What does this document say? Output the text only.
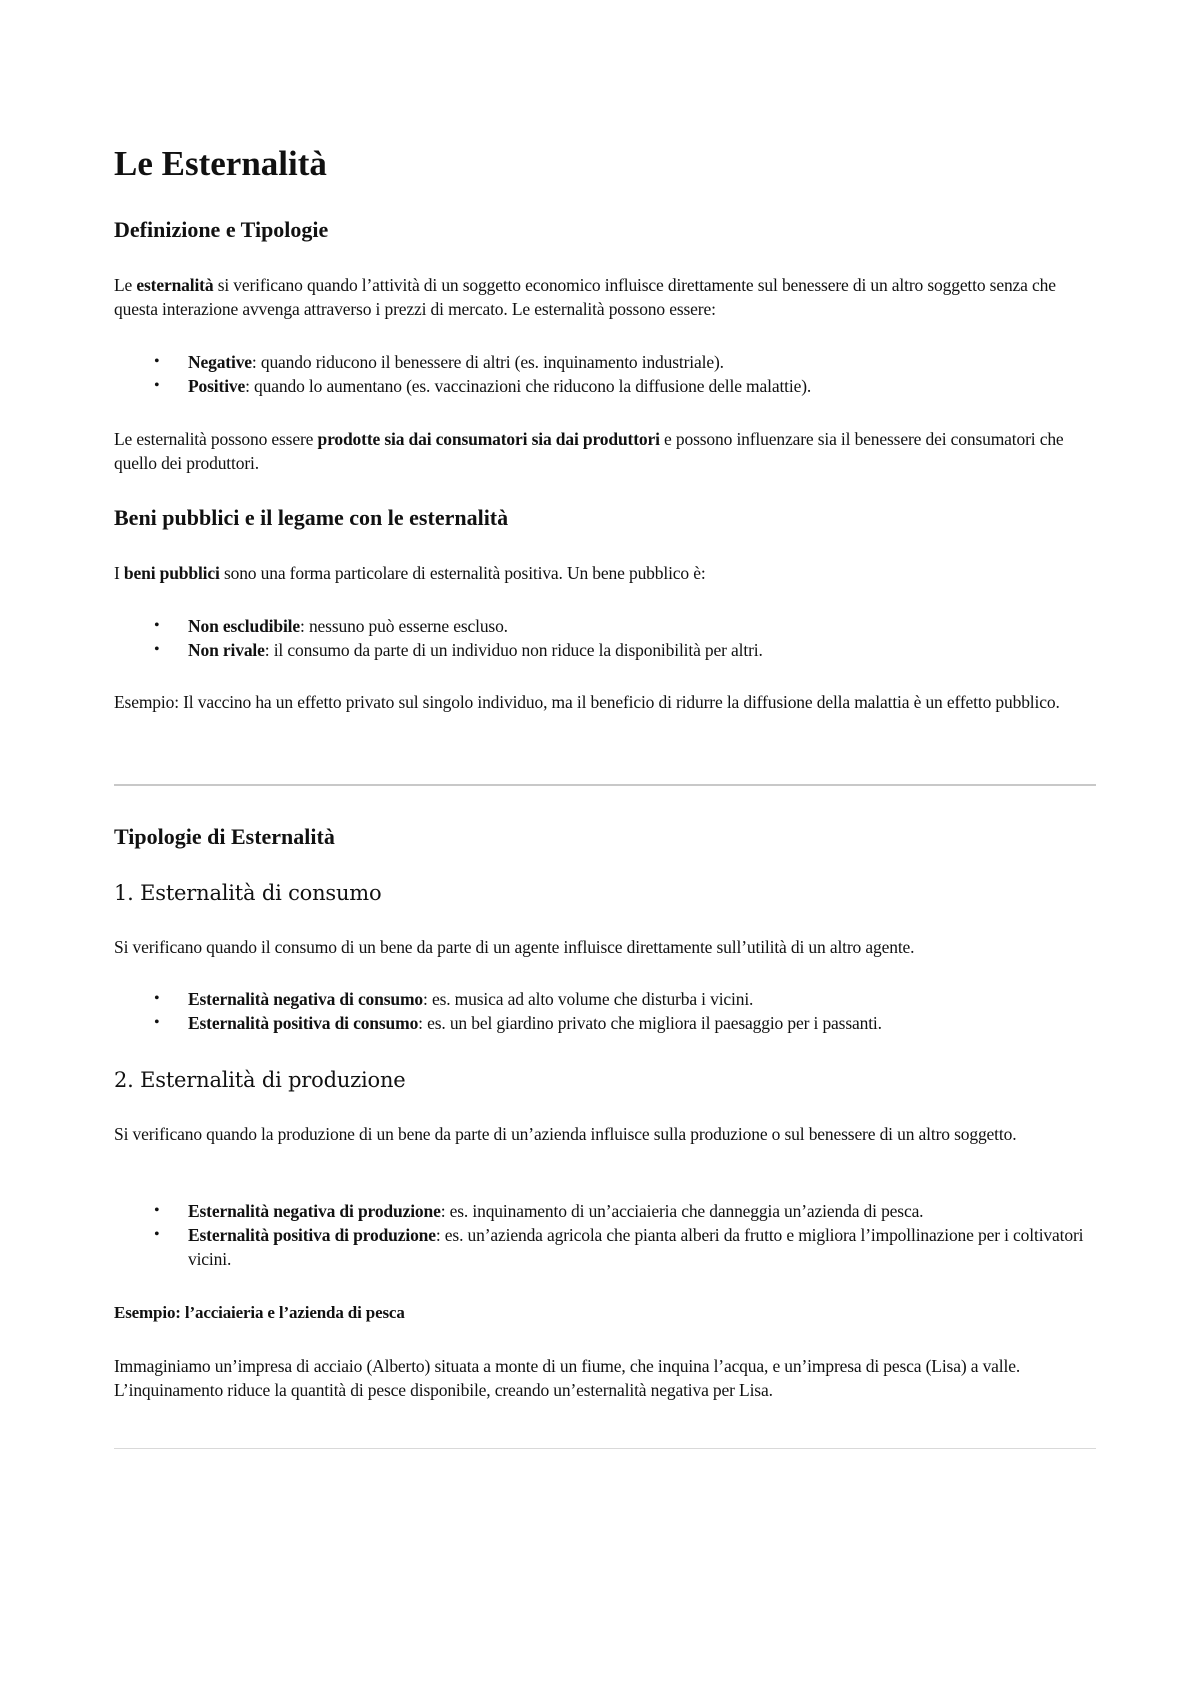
Le Esternalità
Definizione e Tipologie

Le esternalità si verificano quando l’attività di un soggetto economico influisce direttamente sul benessere di un altro soggetto senza che questa interazione avvenga attraverso i prezzi di mercato. Le esternalità possono essere:

• Negative: quando riducono il benessere di altri (es. inquinamento industriale).
• Positive: quando lo aumentano (es. vaccinazioni che riducono la diffusione delle malattie).

Le esternalità possono essere prodotte sia dai consumatori sia dai produttori e possono influenzare sia il benessere dei consumatori che quello dei produttori.

Beni pubblici e il legame con le esternalità

I beni pubblici sono una forma particolare di esternalità positiva. Un bene pubblico è:

• Non escludibile: nessuno può esserne escluso.
• Non rivale: il consumo da parte di un individuo non riduce la disponibilità per altri.

Esempio: Il vaccino ha un effetto privato sul singolo individuo, ma il beneficio di ridurre la diffusione della malattia è un effetto pubblico.

Tipologie di Esternalità
1. Esternalità di consumo

Si verificano quando il consumo di un bene da parte di un agente influisce direttamente sull’utilità di un altro agente.

• Esternalità negativa di consumo: es. musica ad alto volume che disturba i vicini.
• Esternalità positiva di consumo: es. un bel giardino privato che migliora il paesaggio per i passanti.
2. Esternalità di produzione

Si verificano quando la produzione di un bene da parte di un’azienda influisce sulla produzione o sul benessere di un altro soggetto.

• Esternalità negativa di produzione: es. inquinamento di un’acciaieria che danneggia un’azienda di pesca.
• Esternalità positiva di produzione: es. un’azienda agricola che pianta alberi da frutto e migliora l’impollinazione per i coltivatori vicini.

Esempio: l’acciaieria e l’azienda di pesca

Immaginiamo un’impresa di acciaio (Alberto) situata a monte di un fiume, che inquina l’acqua, e un’impresa di pesca (Lisa) a valle. L’inquinamento riduce la quantità di pesce disponibile, creando un’esternalità negativa per Lisa.
